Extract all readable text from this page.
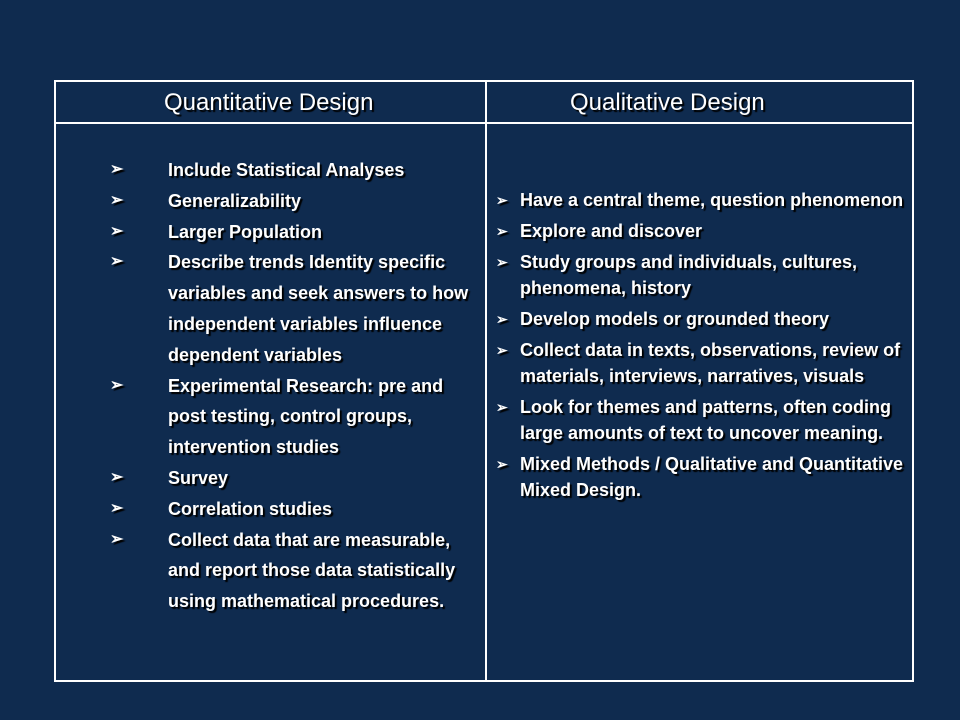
Quantitative Design	Qualitative Design
➢ Include Statistical Analyses
➢ Generalizability
➢ Larger Population
➢ Describe trends Identity specific variables and seek answers to how independent variables influence dependent variables
➢ Experimental Research: pre and post testing, control groups, intervention studies
➢ Survey
➢ Correlation studies
➢ Collect data that are measurable, and report those data statistically using mathematical procedures.
➢ Have a central theme, question phenomenon
➢ Explore and discover
➢ Study groups and individuals, cultures, phenomena, history
➢ Develop models or grounded theory
➢ Collect data in texts, observations, review of materials, interviews, narratives, visuals
➢ Look for themes and patterns, often coding large amounts of text to uncover meaning.
➢ Mixed Methods / Qualitative and Quantitative Mixed Design.
